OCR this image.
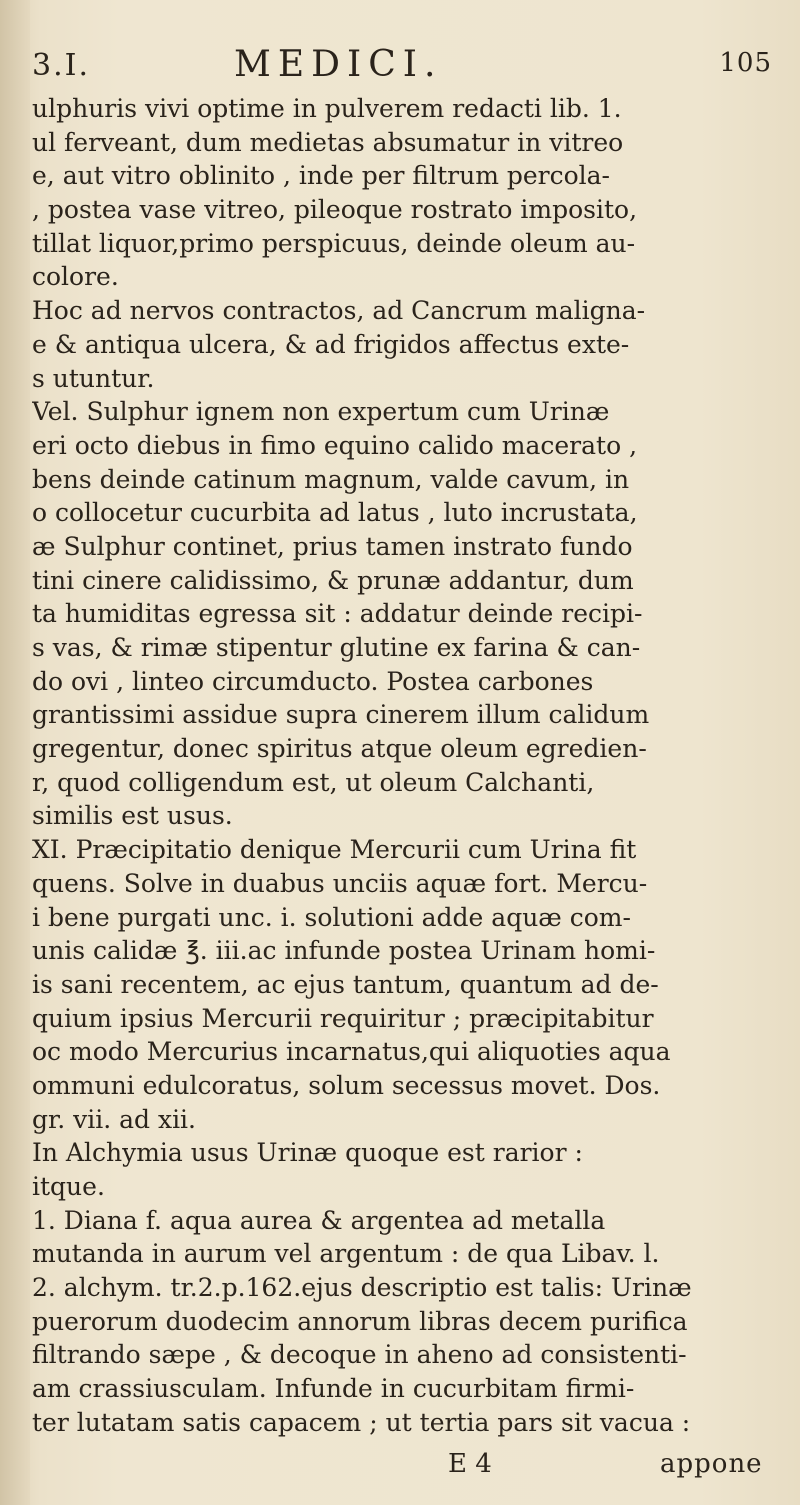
3.I.	MEDICI.	105
ulphuris vivi optime in pulverem redacti lib. 1.
ul ferveant, dum medietas absumatur in vitreo
e, aut vitro oblinito , inde per filtrum percola-
, postea vase vitreo, pileoque rostrato imposito,
tillat liquor,primo perspicuus, deinde oleum au-
colore.
Hoc ad nervos contractos, ad Cancrum maligna-
e & antiqua ulcera, & ad frigidos affectus exte-
s utuntur.
Vel. Sulphur ignem non expertum cum Urinæ
eri octo diebus in fimo equino calido macerato ,
bens deinde catinum magnum, valde cavum, in
o collocetur cucurbita ad latus , luto incrustata,
æ Sulphur continet, prius tamen instrato fundo
tini cinere calidissimo, & prunæ addantur, dum
ta humiditas egressa sit : addatur deinde recipi-
s vas, & rimæ stipentur glutine ex farina & can-
do ovi , linteo circumducto. Postea carbones
grantissimi assidue supra cinerem illum calidum
gregentur, donec spiritus atque oleum egredien-
r, quod colligendum est, ut oleum Calchanti,
similis est usus.
XI. Præcipitatio denique Mercurii cum Urina fit
quens. Solve in duabus unciis aquæ fort. Mercu-
i bene purgati unc. i. solutioni adde aquæ com-
unis calidæ ℥. iii.ac infunde postea Urinam homi-
is sani recentem, ac ejus tantum, quantum ad de-
quium ipsius Mercurii requiritur ; præcipitabitur
oc modo Mercurius incarnatus,qui aliquoties aqua
ommuni edulcoratus, solum secessus movet. Dos.
gr. vii. ad xii.
In Alchymia usus Urinæ quoque est rarior :
itque.
1. Diana f. aqua aurea & argentea ad metalla
mutanda in aurum vel argentum : de qua Libav. l.
2. alchym. tr.2.p.162.ejus descriptio est talis: Urinæ
puerorum duodecim annorum libras decem purifica
filtrando sæpe , & decoque in aheno ad consistenti-
am crassiusculam. Infunde in cucurbitam firmi-
ter lutatam satis capacem ; ut tertia pars sit vacua :
E 4	appone
